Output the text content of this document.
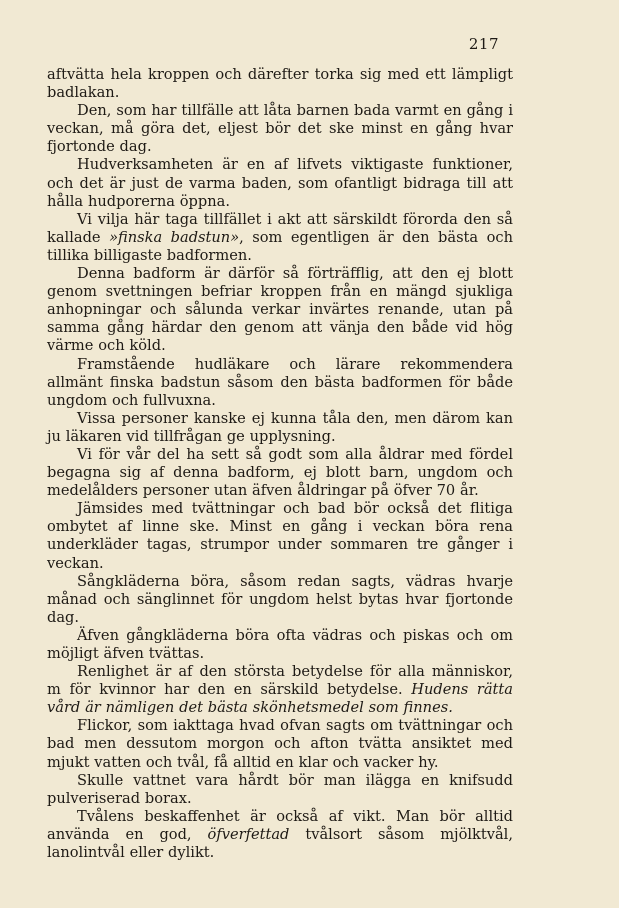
217

aftvätta hela kroppen och därefter torka sig med ett lämpligt badlakan.

Den, som har tillfälle att låta barnen bada varmt en gång i veckan, må göra det, eljest bör det ske minst en gång hvar fjortonde dag.

Hudverksamheten är en af lifvets viktigaste funktioner, och det är just de varma baden, som ofantligt bidraga till att hålla hudporerna öppna.

Vi vilja här taga tillfället i akt att särskildt förorda den så kallade »finska badstun», som egentligen är den bästa och tillika billigaste badformen.

Denna badform är därför så förträfflig, att den ej blott genom svettningen befriar kroppen från en mängd sjukliga anhopningar och sålunda verkar invärtes renande, utan på samma gång härdar den genom att vänja den både vid hög värme och köld.

Framstående hudläkare och lärare rekommendera allmänt finska badstun såsom den bästa badformen för både ungdom och fullvuxna.

Vissa personer kanske ej kunna tåla den, men därom kan ju läkaren vid tillfrågan ge upplysning.

Vi för vår del ha sett så godt som alla åldrar med fördel begagna sig af denna badform, ej blott barn, ungdom och medelålders personer utan äfven åldringar på öfver 70 år.

Jämsides med tvättningar och bad bör också det flitiga ombytet af linne ske. Minst en gång i veckan böra rena underkläder tagas, strumpor under sommaren tre gånger i veckan.

Sångkläderna böra, såsom redan sagts, vädras hvarje månad och sänglinnet för ungdom helst bytas hvar fjortonde dag.

Äfven gångkläderna böra ofta vädras och piskas och om möjligt äfven tvättas.

Renlighet är af den största betydelse för alla människor, m för kvinnor har den en särskild betydelse. Hudens rätta vård är nämligen det bästa skönhetsmedel som finnes.

Flickor, som iakttaga hvad ofvan sagts om tvättningar och bad men dessutom morgon och afton tvätta ansiktet med mjukt vatten och tvål, få alltid en klar och vacker hy.

Skulle vattnet vara hårdt bör man ilägga en knifsudd pulveriserad borax.

Tvålens beskaffenhet är också af vikt. Man bör alltid använda en god, öfverfettad tvålsort såsom mjölktvål, lanolintvål eller dylikt.
